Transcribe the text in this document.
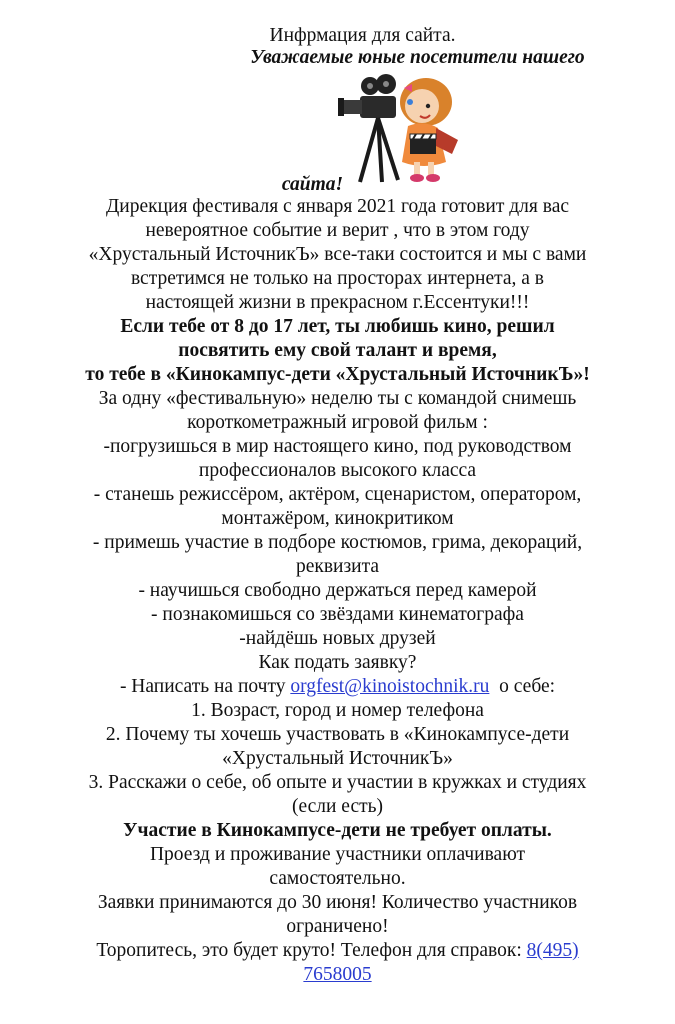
Инфрмация для сайта.
Уважаемые юные посетители нашего
сайта!
Дирекция фестиваля с января 2021 года готовит для вас
невероятное событие и верит , что в этом году
«Хрустальный ИсточникЪ» все-таки состоится и мы с вами
встретимся не только на просторах интернета, а в
настоящей жизни в прекрасном г.Ессентуки!!!
Если тебе от 8 до 17 лет, ты любишь кино, решил
посвятить ему свой талант и время,
то тебе в «Кинокампус-дети «Хрустальный ИсточникЪ»!
За одну «фестивальную» неделю ты с командой снимешь
короткометражный игровой фильм :
-погрузишься в мир настоящего кино, под руководством
профессионалов высокого класса
- станешь режиссёром, актёром, сценаристом, оператором,
монтажёром, кинокритиком
- примешь участие в подборе костюмов, грима, декораций,
реквизита
- научишься свободно держаться перед камерой
- познакомишься со звёздами кинематографа
-найдёшь новых друзей
Как подать заявку?
- Написать на почту orgfest@kinoistochnik.ru  о себе:
1. Возраст, город и номер телефона
2. Почему ты хочешь участвовать в «Кинокампусе-дети
«Хрустальный ИсточникЪ»
3. Расскажи о себе, об опыте и участии в кружках и студиях
(если есть)
Участие в Кинокампусе-дети не требует оплаты.
Проезд и проживание участники оплачивают
самостоятельно.
Заявки принимаются до 30 июня! Количество участников
ограничено!
Торопитесь, это будет круто! Телефон для справок: 8(495)
7658005
